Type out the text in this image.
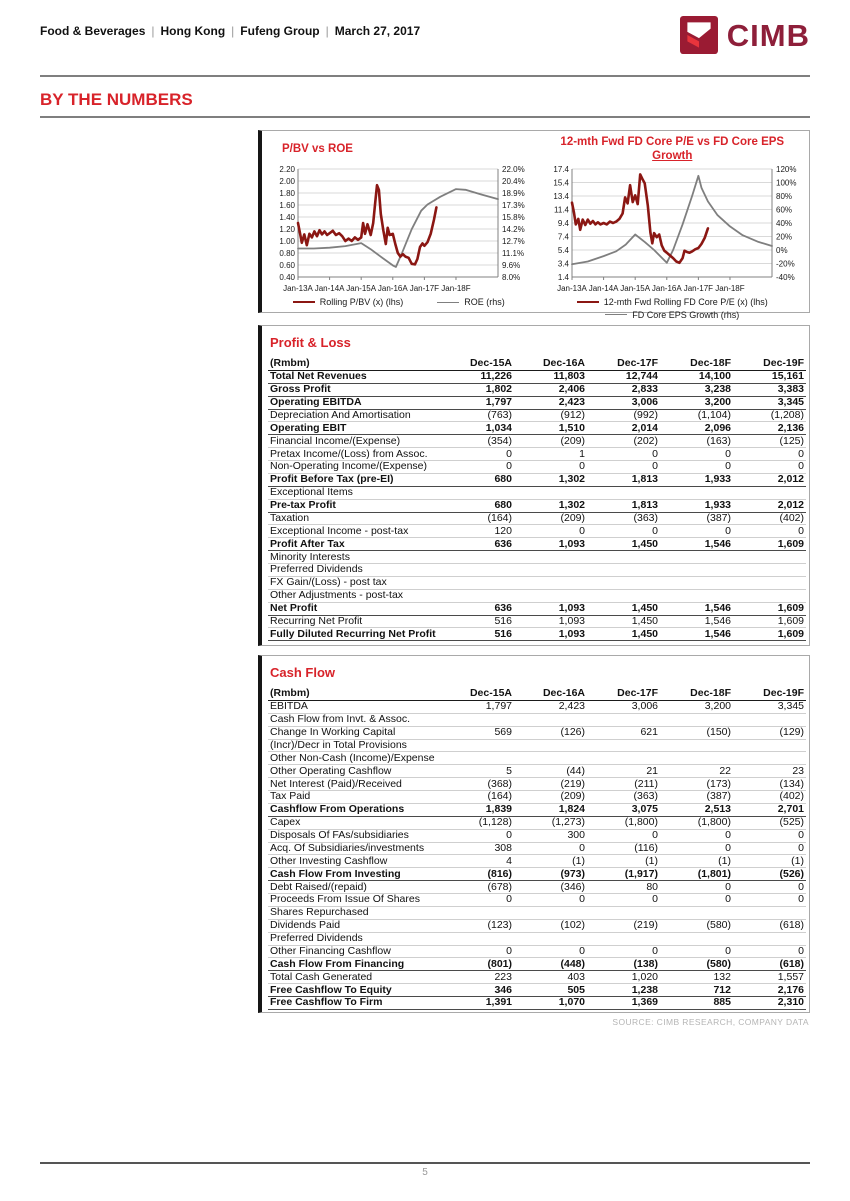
Food & Beverages | Hong Kong | Fufeng Group | March 27, 2017	CIMB
BY THE NUMBERS
P/BV vs ROE
2.20	22.0%
2.00	20.4%
1.80	18.9%
1.60	17.3%
1.40	15.8%
1.20	14.2%
1.00	12.7%
0.80	11.1%
0.60	9.6%
0.40	8.0%
Jan-13A Jan-14A Jan-15A Jan-16A Jan-17F Jan-18F
Rolling P/BV (x) (lhs)	ROE (rhs)
12-mth Fwd FD Core P/E vs FD Core EPS
Growth
17.4	120%
15.4	100%
13.4	80%
11.4	60%
9.4	40%
7.4	20%
5.4	0%
3.4	-20%
1.4	-40%
Jan-13A Jan-14A Jan-15A Jan-16A Jan-17F Jan-18F
12-mth Fwd Rolling FD Core P/E (x) (lhs)
FD Core EPS Growth (rhs)
Profit & Loss
(Rmbm)	Dec-15A	Dec-16A	Dec-17F	Dec-18F	Dec-19F
Total Net Revenues	11,226	11,803	12,744	14,100	15,161
Gross Profit	1,802	2,406	2,833	3,238	3,383
Operating EBITDA	1,797	2,423	3,006	3,200	3,345
Depreciation And Amortisation	(763)	(912)	(992)	(1,104)	(1,208)
Operating EBIT	1,034	1,510	2,014	2,096	2,136
Financial Income/(Expense)	(354)	(209)	(202)	(163)	(125)
Pretax Income/(Loss) from Assoc.	0	1	0	0	0
Non-Operating Income/(Expense)	0	0	0	0	0
Profit Before Tax (pre-EI)	680	1,302	1,813	1,933	2,012
Exceptional Items					
Pre-tax Profit	680	1,302	1,813	1,933	2,012
Taxation	(164)	(209)	(363)	(387)	(402)
Exceptional Income - post-tax	120	0	0	0	0
Profit After Tax	636	1,093	1,450	1,546	1,609
Minority Interests					
Preferred Dividends					
FX Gain/(Loss) - post tax					
Other Adjustments - post-tax					
Net Profit	636	1,093	1,450	1,546	1,609
Recurring Net Profit	516	1,093	1,450	1,546	1,609
Fully Diluted Recurring Net Profit	516	1,093	1,450	1,546	1,609
Cash Flow
(Rmbm)	Dec-15A	Dec-16A	Dec-17F	Dec-18F	Dec-19F
EBITDA	1,797	2,423	3,006	3,200	3,345
Cash Flow from Invt. & Assoc.					
Change In Working Capital	569	(126)	621	(150)	(129)
(Incr)/Decr in Total Provisions					
Other Non-Cash (Income)/Expense					
Other Operating Cashflow	5	(44)	21	22	23
Net Interest (Paid)/Received	(368)	(219)	(211)	(173)	(134)
Tax Paid	(164)	(209)	(363)	(387)	(402)
Cashflow From Operations	1,839	1,824	3,075	2,513	2,701
Capex	(1,128)	(1,273)	(1,800)	(1,800)	(525)
Disposals Of FAs/subsidiaries	0	300	0	0	0
Acq. Of Subsidiaries/investments	308	0	(116)	0	0
Other Investing Cashflow	4	(1)	(1)	(1)	(1)
Cash Flow From Investing	(816)	(973)	(1,917)	(1,801)	(526)
Debt Raised/(repaid)	(678)	(346)	80	0	0
Proceeds From Issue Of Shares	0	0	0	0	0
Shares Repurchased					
Dividends Paid	(123)	(102)	(219)	(580)	(618)
Preferred Dividends					
Other Financing Cashflow	0	0	0	0	0
Cash Flow From Financing	(801)	(448)	(138)	(580)	(618)
Total Cash Generated	223	403	1,020	132	1,557
Free Cashflow To Equity	346	505	1,238	712	2,176
Free Cashflow To Firm	1,391	1,070	1,369	885	2,310
SOURCE: CIMB RESEARCH, COMPANY DATA
5
